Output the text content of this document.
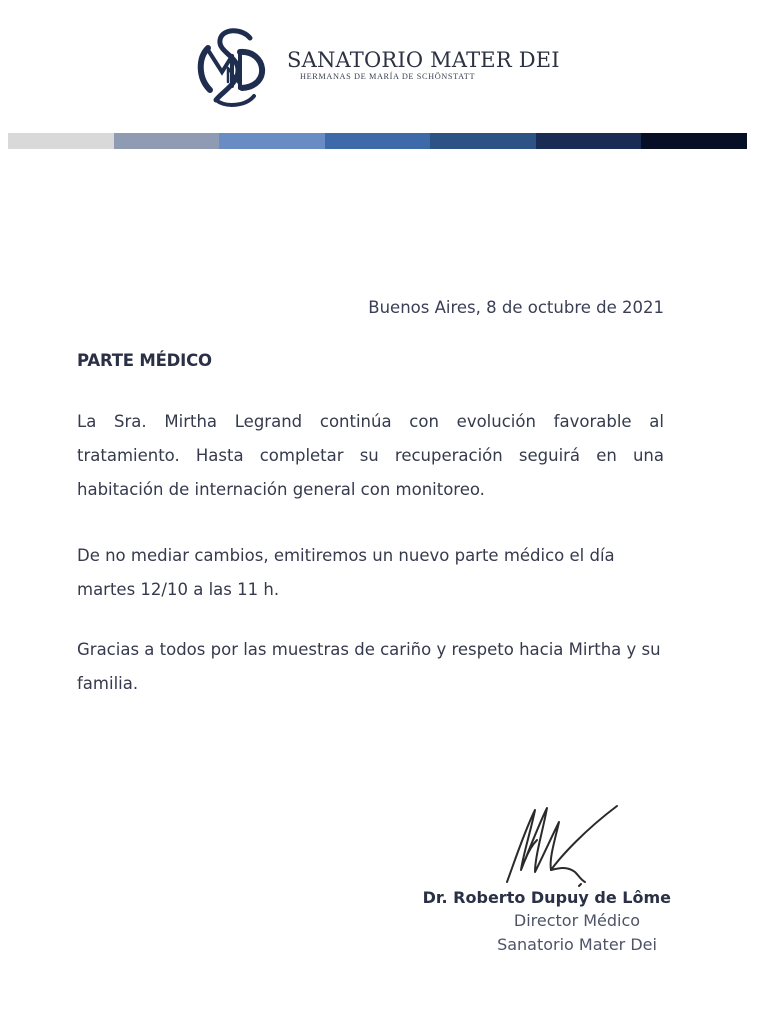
SANATORIO MATER DEI
HERMANAS DE MARÍA DE SCHÖNSTATT
Buenos Aires, 8 de octubre de 2021
PARTE MÉDICO

La Sra. Mirtha Legrand continúa con evolución favorable al tratamiento. Hasta completar su recuperación seguirá en una habitación de internación general con monitoreo.

De no mediar cambios, emitiremos un nuevo parte médico el día martes 12/10 a las 11 h.

Gracias a todos por las muestras de cariño y respeto hacia Mirtha y su familia.

Dr. Roberto Dupuy de Lôme
Director Médico
Sanatorio Mater Dei
